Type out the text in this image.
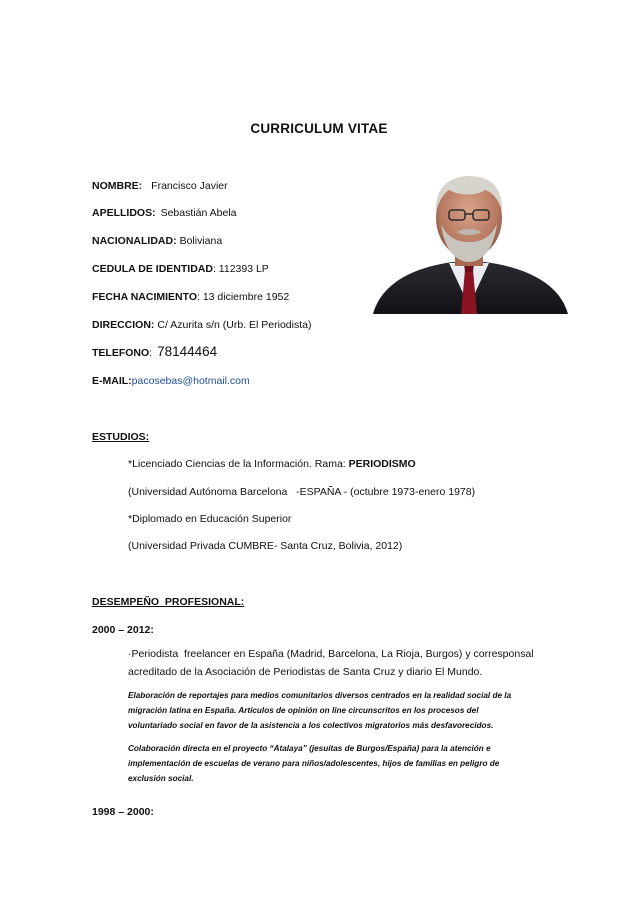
CURRICULUM VITAE
NOMBRE: Francisco Javier
APELLIDOS: Sebastián Abela
NACIONALIDAD: Boliviana
CEDULA DE IDENTIDAD: 112393 LP
FECHA NACIMIENTO: 13 diciembre 1952
DIRECCION: C/ Azurita s/n (Urb. El Periodista)
TELEFONO: 78144464
E-MAIL:pacosebas@hotmail.com
ESTUDIOS:
*Licenciado Ciencias de la Información. Rama: PERIODISMO
(Universidad Autónoma Barcelona   -ESPAÑA - (octubre 1973-enero 1978)
*Diplomado en Educación Superior
(Universidad Privada CUMBRE- Santa Cruz, Bolivia, 2012)
DESEMPEÑO  PROFESIONAL:
2000 – 2012:
·Periodista  freelancer en España (Madrid, Barcelona, La Rioja, Burgos) y corresponsal
acreditado de la Asociación de Periodistas de Santa Cruz y diario El Mundo.
Elaboración de reportajes para medios comunitarios diversos centrados en la realidad social de la migración latina en España. Artículos de opinión on line circunscritos en los procesos del voluntariado social en favor de la asistencia a los colectivos migratorios más desfavorecidos.
Colaboración directa en el proyecto “Atalaya” (jesuitas de Burgos/España) para la atención e implementación de escuelas de verano para niños/adolescentes, hijos de familias en peligro de exclusión social.
1998 – 2000:
